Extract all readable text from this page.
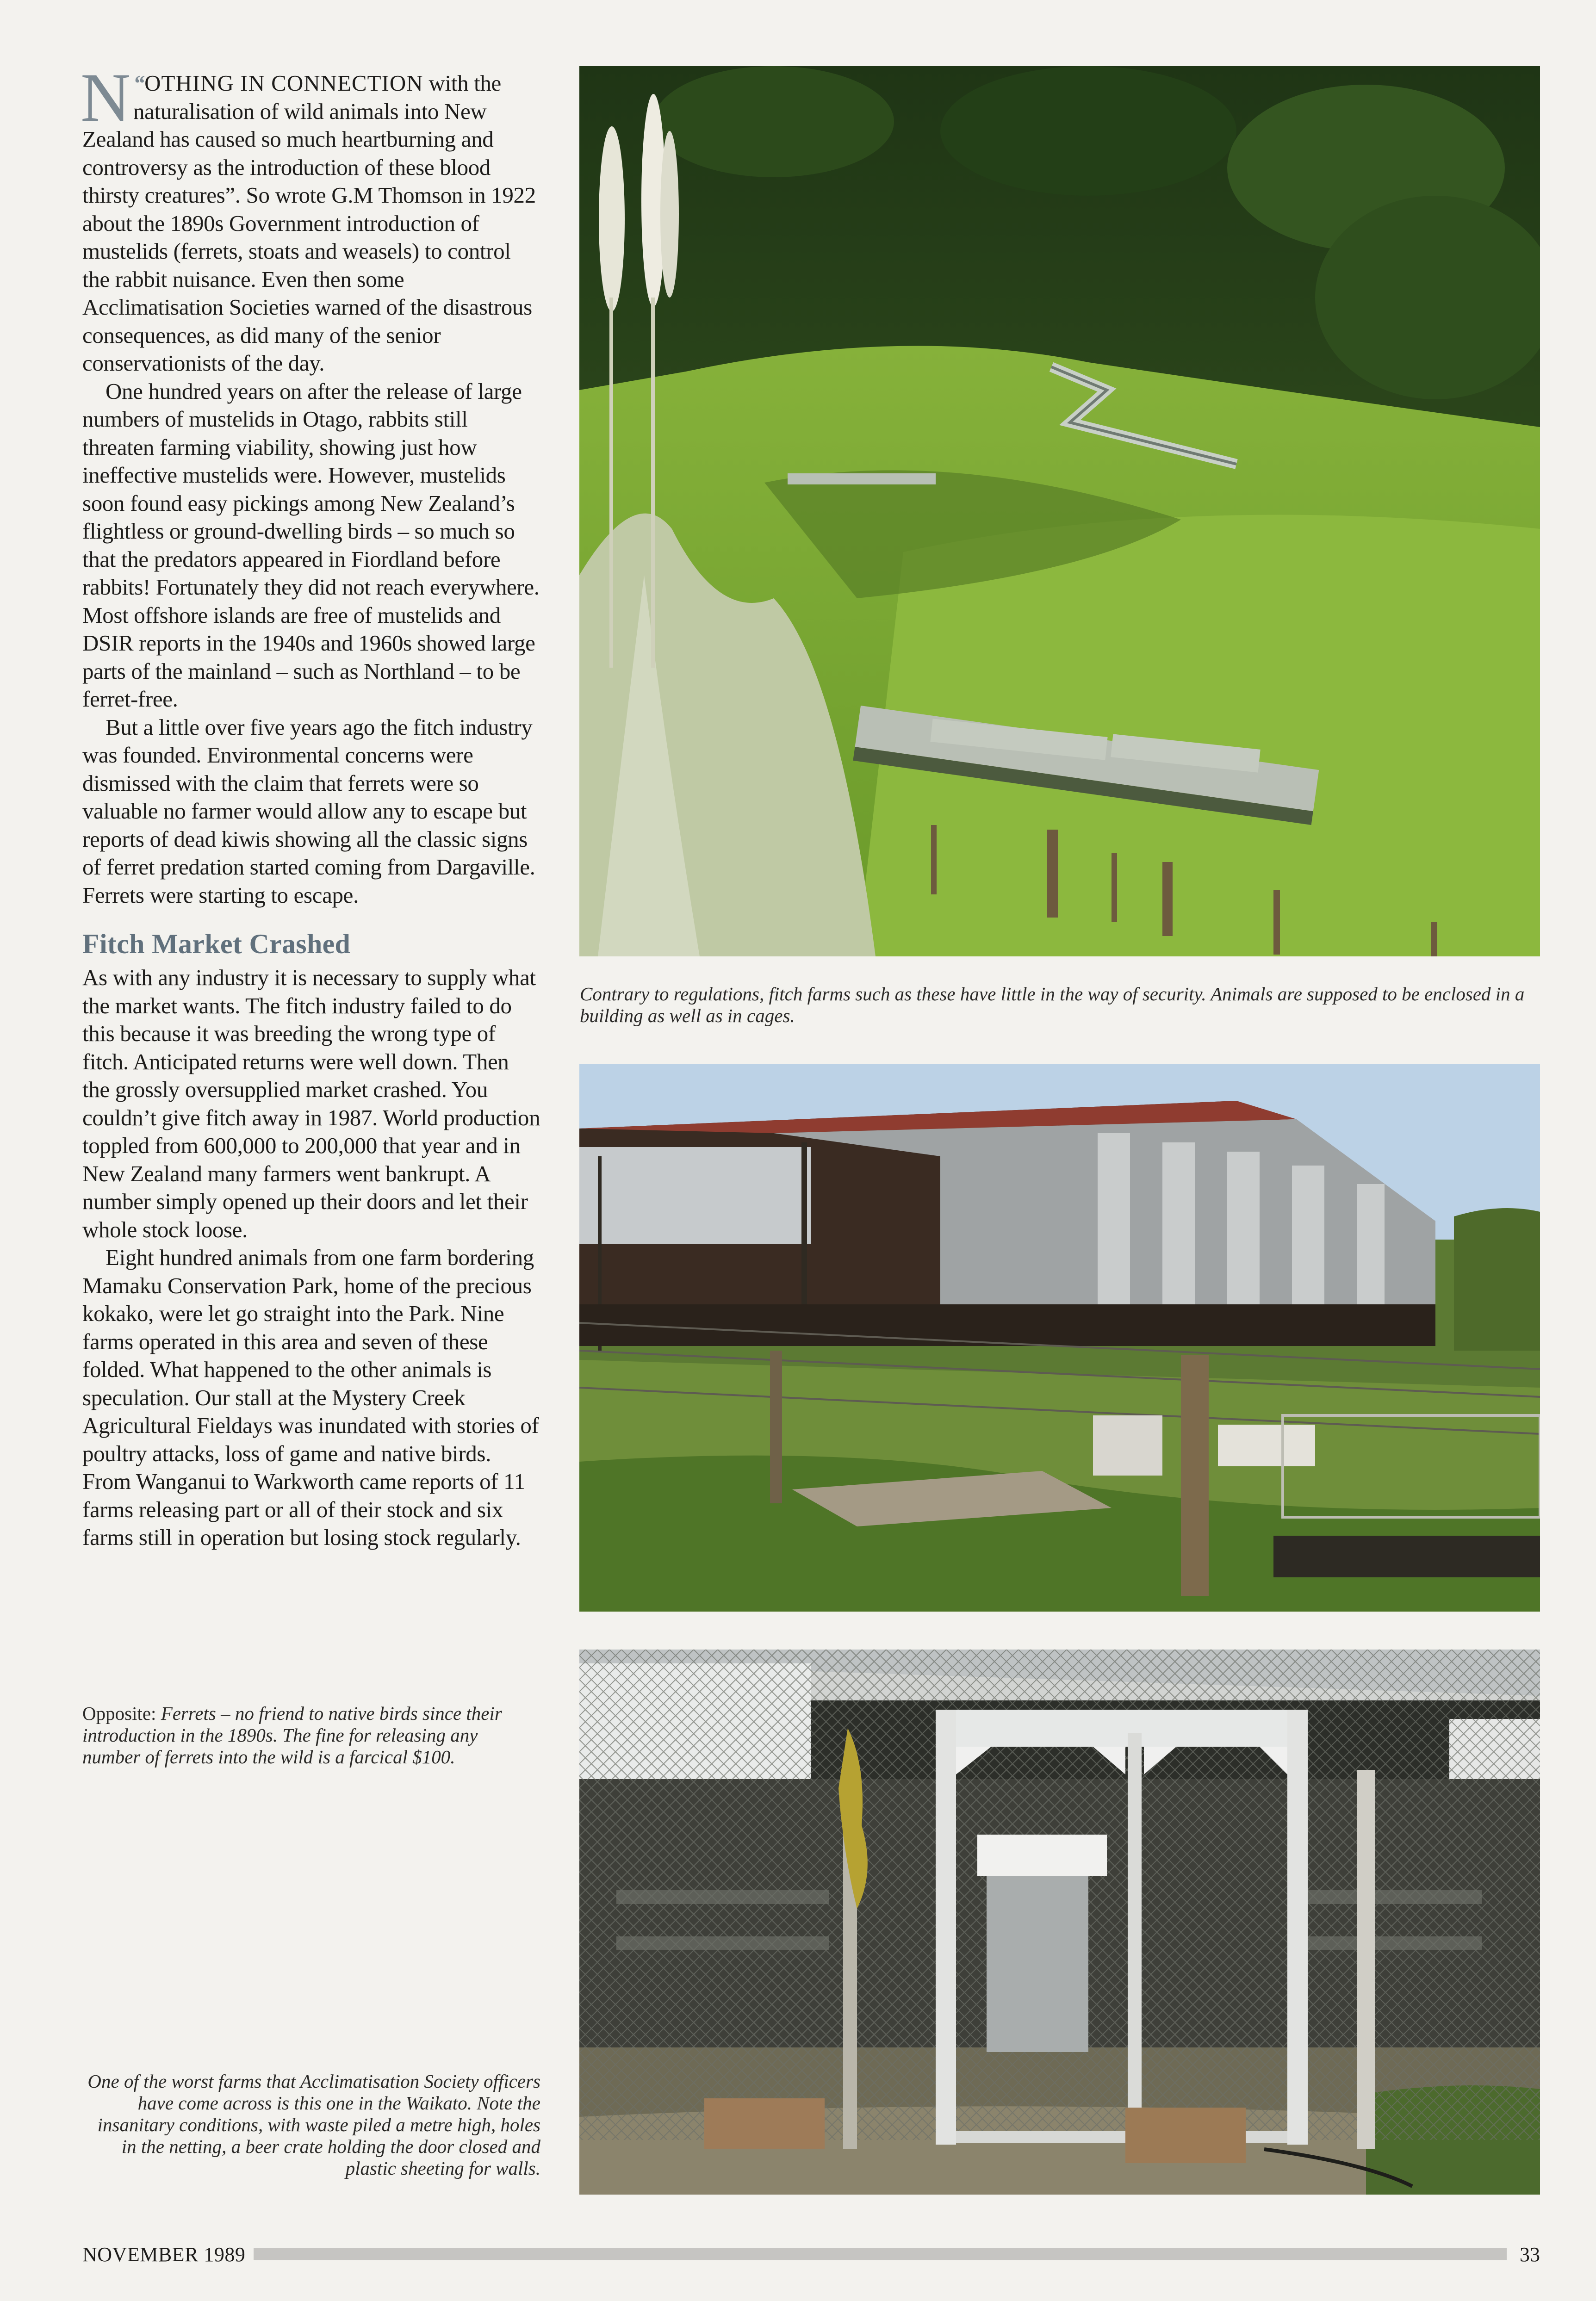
“
N OTHING IN CONNECTION with the naturalisation of wild animals into New Zealand has caused so much heartburning and controversy as the introduction of these blood thirsty creatures”. So wrote G.M Thomson in 1922 about the 1890s Government introduction of mustelids (ferrets, stoats and weasels) to control the rabbit nuisance. Even then some Acclimatisation Societies warned of the disastrous consequences, as did many of the senior conservationists of the day.

One hundred years on after the release of large numbers of mustelids in Otago, rabbits still threaten farming viability, showing just how ineffective mustelids were. However, mustelids soon found easy pickings among New Zealand’s flightless or ground-dwelling birds – so much so that the predators appeared in Fiordland before rabbits! Fortunately they did not reach everywhere. Most offshore islands are free of mustelids and DSIR reports in the 1940s and 1960s showed large parts of the mainland – such as Northland – to be ferret-free.

But a little over five years ago the fitch industry was founded. Environmental concerns were dismissed with the claim that ferrets were so valuable no farmer would allow any to escape but reports of dead kiwis showing all the classic signs of ferret predation started coming from Dargaville. Ferrets were starting to escape.

Fitch Market Crashed

As with any industry it is necessary to supply what the market wants. The fitch industry failed to do this because it was breeding the wrong type of fitch. Anticipated returns were well down. Then the grossly oversupplied market crashed. You couldn’t give fitch away in 1987. World production toppled from 600,000 to 200,000 that year and in New Zealand many farmers went bankrupt. A number simply opened up their doors and let their whole stock loose.

Eight hundred animals from one farm bordering Mamaku Conservation Park, home of the precious kokako, were let go straight into the Park. Nine farms operated in this area and seven of these folded. What happened to the other animals is speculation. Our stall at the Mystery Creek Agricultural Fieldays was inundated with stories of poultry attacks, loss of game and native birds. From Wanganui to Warkworth came reports of 11 farms releasing part or all of their stock and six farms still in operation but losing stock regularly.

Opposite: Ferrets – no friend to native birds since their introduction in the 1890s. The fine for releasing any number of ferrets into the wild is a farcical $100.

One of the worst farms that Acclimatisation Society officers have come across is this one in the Waikato. Note the insanitary conditions, with waste piled a metre high, holes in the netting, a beer crate holding the door closed and plastic sheeting for walls.

Contrary to regulations, fitch farms such as these have little in the way of security. Animals are supposed to be enclosed in a building as well as in cages.

NOVEMBER 1989	33
